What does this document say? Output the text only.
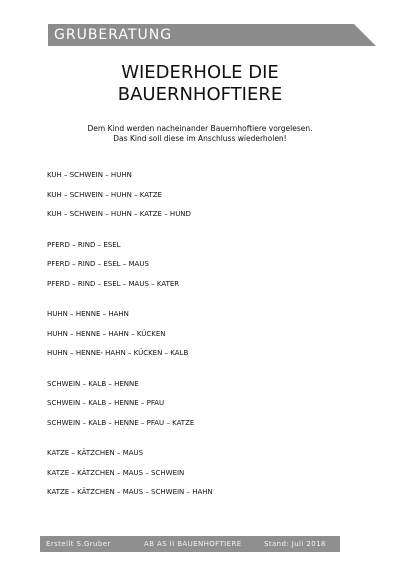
GRUBERATUNG
WIEDERHOLE DIE
BAUERNHOFTIERE
Dem Kind werden nacheinander Bauernhoftiere vorgelesen.
Das Kind soll diese im Anschluss wiederholen!
KUH – SCHWEIN – HUHN
KUH – SCHWEIN – HUHN – KATZE
KUH – SCHWEIN – HUHN – KATZE – HUND
PFERD – RIND – ESEL
PFERD – RIND – ESEL – MAUS
PFERD – RIND – ESEL – MAUS – KATER
HUHN – HENNE – HAHN
HUHN – HENNE – HAHN – KÜCKEN
HUHN – HENNE- HAHN – KÜCKEN – KALB
SCHWEIN – KALB – HENNE
SCHWEIN – KALB – HENNE – PFAU
SCHWEIN – KALB – HENNE – PFAU – KATZE
KATZE – KÄTZCHEN – MAUS
KATZE – KÄTZCHEN – MAUS – SCHWEIN
KATZE – KÄTZCHEN – MAUS – SCHWEIN – HAHN
Erstellt S.Gruber	AB AS II BAUENHOFTIERE	Stand: Juli 2018
